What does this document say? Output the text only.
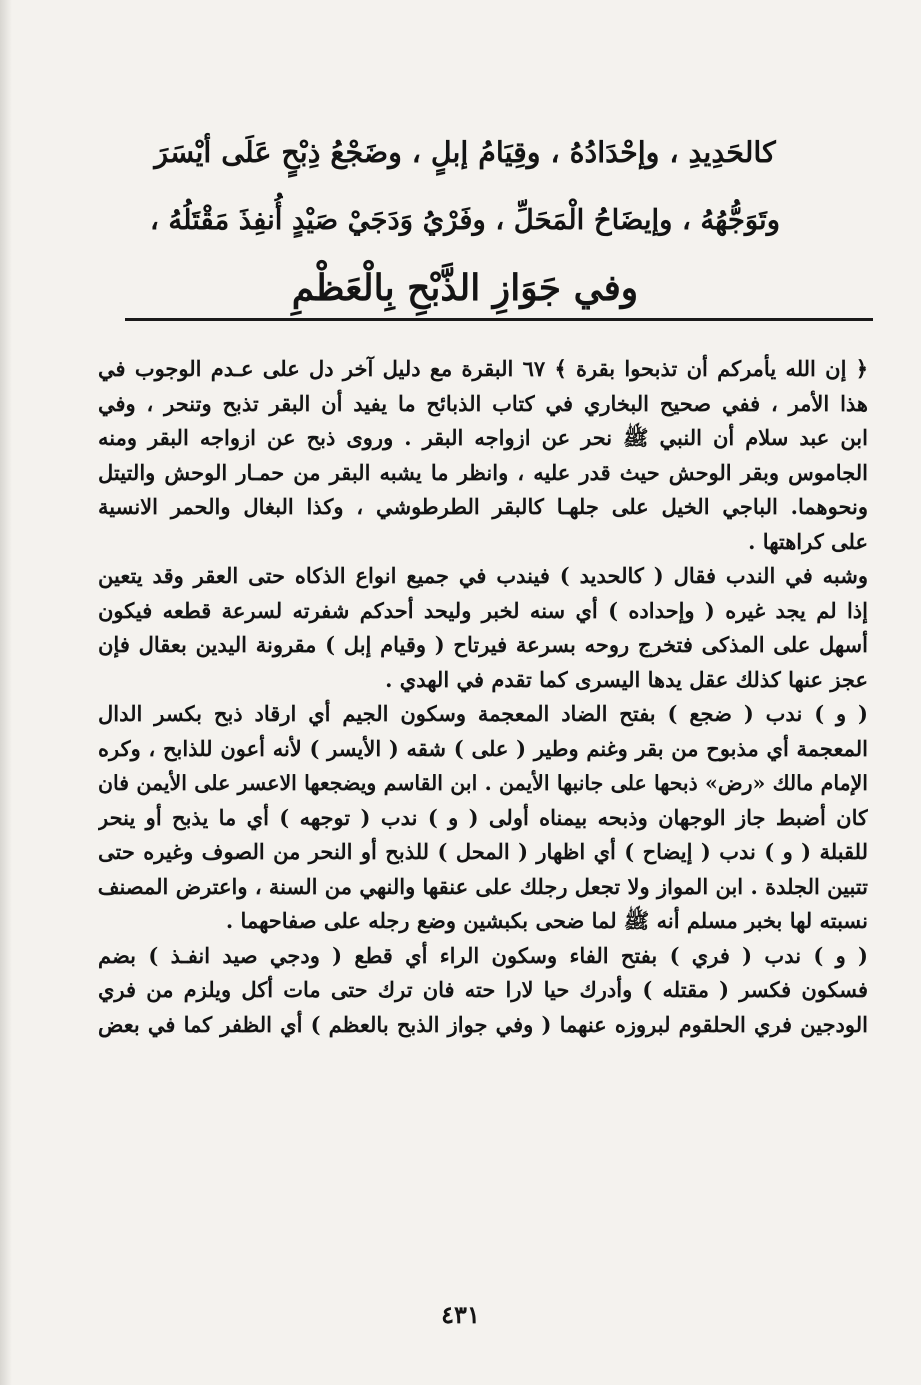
كالحَدِيدِ ، وإحْدَادُهُ ، وقِيَامُ إبلٍ ، وضَجْعُ ذِبْحٍ عَلَى أيْسَرَ
وتَوَجُّهُهُ ، وإيضَاحُ الْمَحَلِّ ، وفَرْيُ وَدَجَيْ صَيْدٍ أُنفِذَ مَقْتَلُهُ ،
وفي جَوَازِ الذَّبْحِ بِالْعَظْمِ
﴿ إن الله يأمركم أن تذبحوا بقرة ﴾ ٦٧ البقرة مع دليل آخر دل على عـدم الوجوب في
هذا الأمر ، ففي صحيح البخاري في كتاب الذبائح ما يفيد أن البقر تذبح وتنحر ، وفي
ابن عبد سلام أن النبي ﷺ نحر عن ازواجه البقر . وروى ذبح عن ازواجه البقر ومنه
الجاموس وبقر الوحش حيث قدر عليه ، وانظر ما يشبه البقر من حمـار الوحش والتيتل
ونحوهما. الباجي الخيل على جلهـا كالبقر الطرطوشي ، وكذا البغال والحمر الانسية
على كراهتها .
وشبه في الندب فقال ( كالحديد ) فيندب في جميع انواع الذكاه حتى العقر وقد يتعين
إذا لم يجد غيره ( وإحداده ) أي سنه لخبر وليحد أحدكم شفرته لسرعة قطعه فيكون
أسهل على المذكى فتخرج روحه بسرعة فيرتاح ( وقيام إبل ) مقرونة اليدين بعقال فإن
عجز عنها كذلك عقل يدها اليسرى كما تقدم في الهدي .
( و ) ندب ( ضجع ) بفتح الضاد المعجمة وسكون الجيم أي ارقاد ذبح بكسر الدال
المعجمة أي مذبوح من بقر وغنم وطير ( على ) شقه ( الأيسر ) لأنه أعون للذابح ، وكره
الإمام مالك «رض» ذبحها على جانبها الأيمن . ابن القاسم ويضجعها الاعسر على الأيمن فان
كان أضبط جاز الوجهان وذبحه بيمناه أولى ( و ) ندب ( توجهه ) أي ما يذبح أو ينحر
للقبلة ( و ) ندب ( إيضاح ) أي اظهار ( المحل ) للذبح أو النحر من الصوف وغيره حتى
تتبين الجلدة . ابن المواز ولا تجعل رجلك على عنقها والنهي من السنة ، واعترض المصنف
نسبته لها بخبر مسلم أنه ﷺ لما ضحى بكبشين وضع رجله على صفاحهما .
( و ) ندب ( فري ) بفتح الفاء وسكون الراء أي قطع ( ودجي صيد انفـذ ) بضم
فسكون فكسر ( مقتله ) وأدرك حيا لارا حته فان ترك حتى مات أكل ويلزم من فري
الودجين فري الحلقوم لبروزه عنهما ( وفي جواز الذبح بالعظم ) أي الظفر كما في بعض
٤٣١
